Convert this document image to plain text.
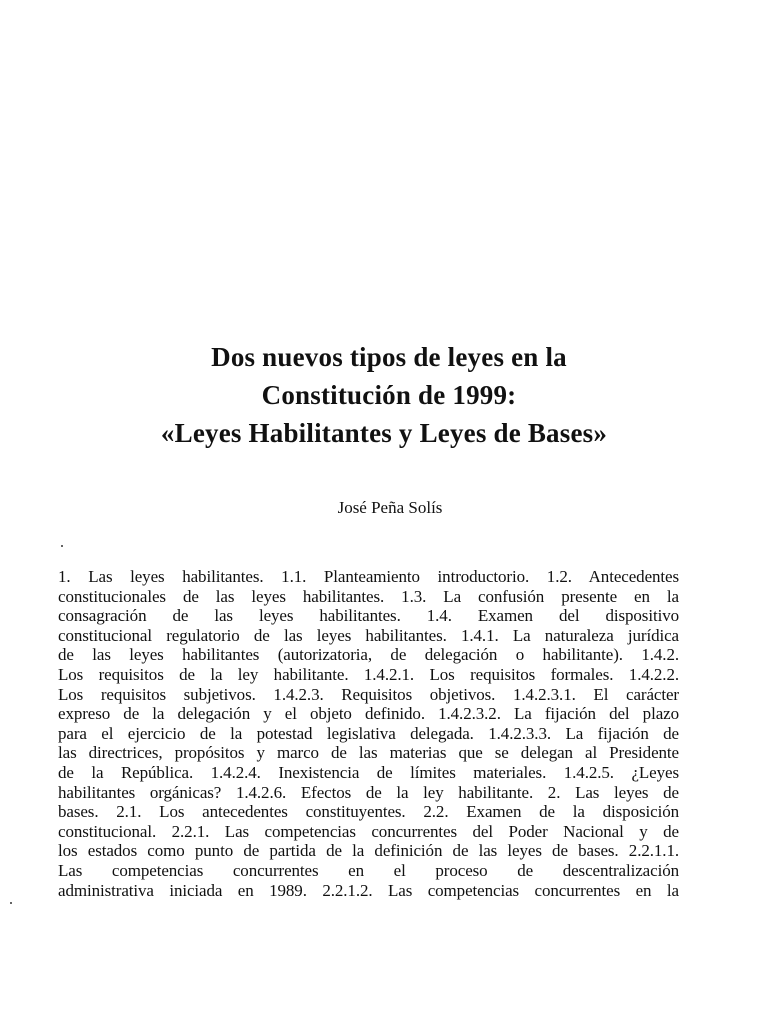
Dos nuevos tipos de leyes en la
Constitución de 1999:
«Leyes Habilitantes y Leyes de Bases»
José Peña Solís
1. Las leyes habilitantes. 1.1. Planteamiento introductorio. 1.2. Antecedentes
constitucionales de las leyes habilitantes. 1.3. La confusión presente en la
consagración de las leyes habilitantes. 1.4. Examen del dispositivo
constitucional regulatorio de las leyes habilitantes. 1.4.1. La naturaleza jurídica
de las leyes habilitantes (autorizatoria, de delegación o habilitante). 1.4.2.
Los requisitos de la ley habilitante. 1.4.2.1. Los requisitos formales. 1.4.2.2.
Los requisitos subjetivos. 1.4.2.3. Requisitos objetivos. 1.4.2.3.1. El carácter
expreso de la delegación y el objeto definido. 1.4.2.3.2. La fijación del plazo
para el ejercicio de la potestad legislativa delegada. 1.4.2.3.3. La fijación de
las directrices, propósitos y marco de las materias que se delegan al Presidente
de la República. 1.4.2.4. Inexistencia de límites materiales. 1.4.2.5. ¿Leyes
habilitantes orgánicas? 1.4.2.6. Efectos de la ley habilitante. 2. Las leyes de
bases. 2.1. Los antecedentes constituyentes. 2.2. Examen de la disposición
constitucional. 2.2.1. Las competencias concurrentes del Poder Nacional y de
los estados como punto de partida de la definición de las leyes de bases. 2.2.1.1.
Las competencias concurrentes en el proceso de descentralización
administrativa iniciada en 1989. 2.2.1.2. Las competencias concurrentes en la
